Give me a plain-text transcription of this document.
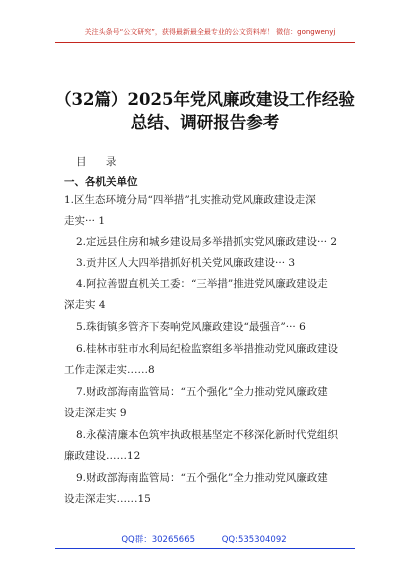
关注头条号“公文研究”，获得最新最全最专业的公文资料库！ 微信：gongwenyj
（32篇）2025年党风廉政建设工作经验
总结、调研报告参考
目 录
一、各机关单位
1.区生态环境分局“四举措”扎实推动党风廉政建设走深
走实··· 1
2.定远县住房和城乡建设局多举措抓实党风廉政建设··· 2
3.贡井区人大四举措抓好机关党风廉政建设··· 3
4.阿拉善盟直机关工委：“三举措”推进党风廉政建设走
深走实 4
5.珠街镇多管齐下奏响党风廉政建设“最强音”··· 6
6.桂林市驻市水利局纪检监察组多举措推动党风廉政建设
工作走深走实……8
7.财政部海南监管局：“五个强化”全力推动党风廉政建
设走深走实 9
8.永葆清廉本色筑牢执政根基坚定不移深化新时代党组织
廉政建设……12
9.财政部海南监管局：“五个强化”全力推动党风廉政建
设走深走实……15
QQ群：30265665	QQ:535304092
